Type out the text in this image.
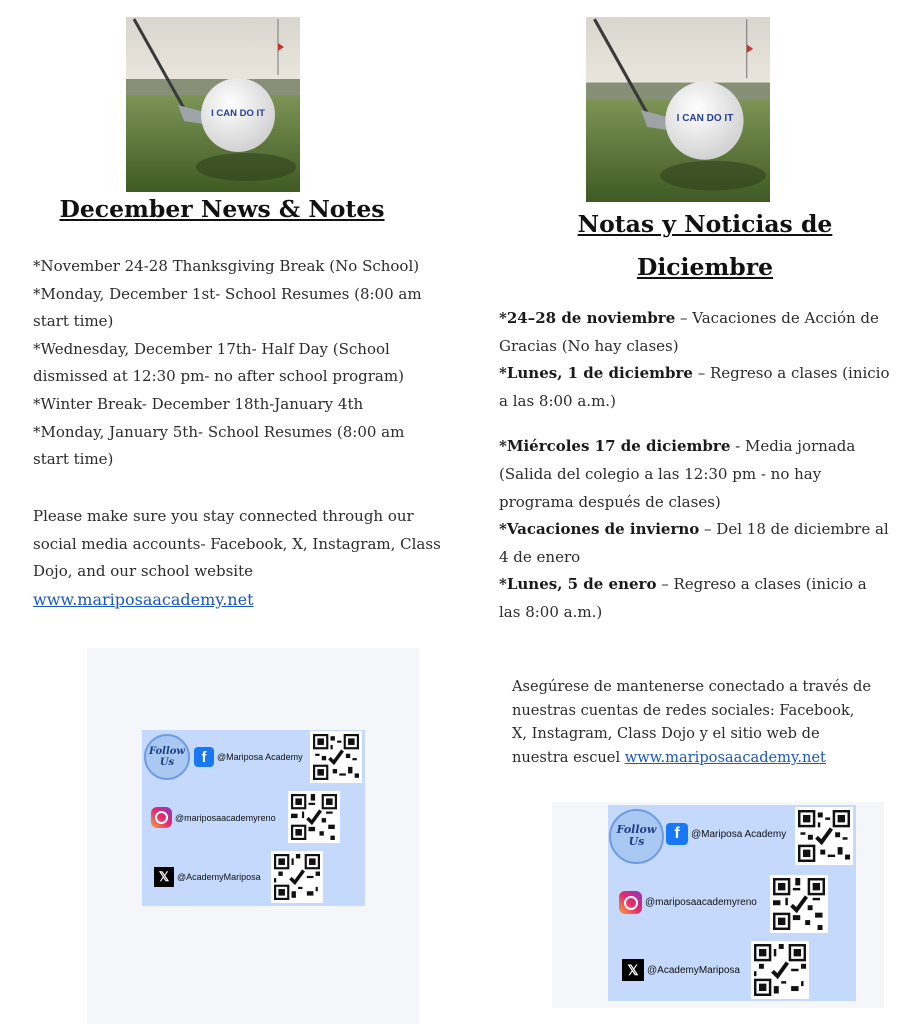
I CAN DO IT
December News & Notes
*November 24-28 Thanksgiving Break (No School)
*Monday, December 1st- School Resumes (8:00 am
start time)
*Wednesday, December 17th- Half Day (School
dismissed at 12:30 pm- no after school program)
*Winter Break- December 18th-January 4th
*Monday, January 5th- School Resumes (8:00 am
start time)
Please make sure you stay connected through our
social media accounts- Facebook, X, Instagram, Class
Dojo, and our school website
www.mariposaacademy.net
Follow
Us	f	@Mariposa Academy
@mariposaacademyreno
𝕏 @AcademyMariposa
I CAN DO IT
Notas y Noticias de
Diciembre

*24–28 de noviembre – Vacaciones de Acción de Gracias (No hay clases)

*Lunes, 1 de diciembre – Regreso a clases (inicio a las 8:00 a.m.)

*Miércoles 17 de diciembre - Media jornada (Salida del colegio a las 12:30 pm - no hay programa después de clases)

*Vacaciones de invierno – Del 18 de diciembre al 4 de enero

*Lunes, 5 de enero – Regreso a clases (inicio a las 8:00 a.m.)

Asegúrese de mantenerse conectado a través de nuestras cuentas de redes sociales: Facebook, X, Instagram, Class Dojo y el sitio web de nuestra escuel www.mariposaacademy.net
Follow
Us	f	@Mariposa Academy
@mariposaacademyreno
𝕏 @AcademyMariposa
